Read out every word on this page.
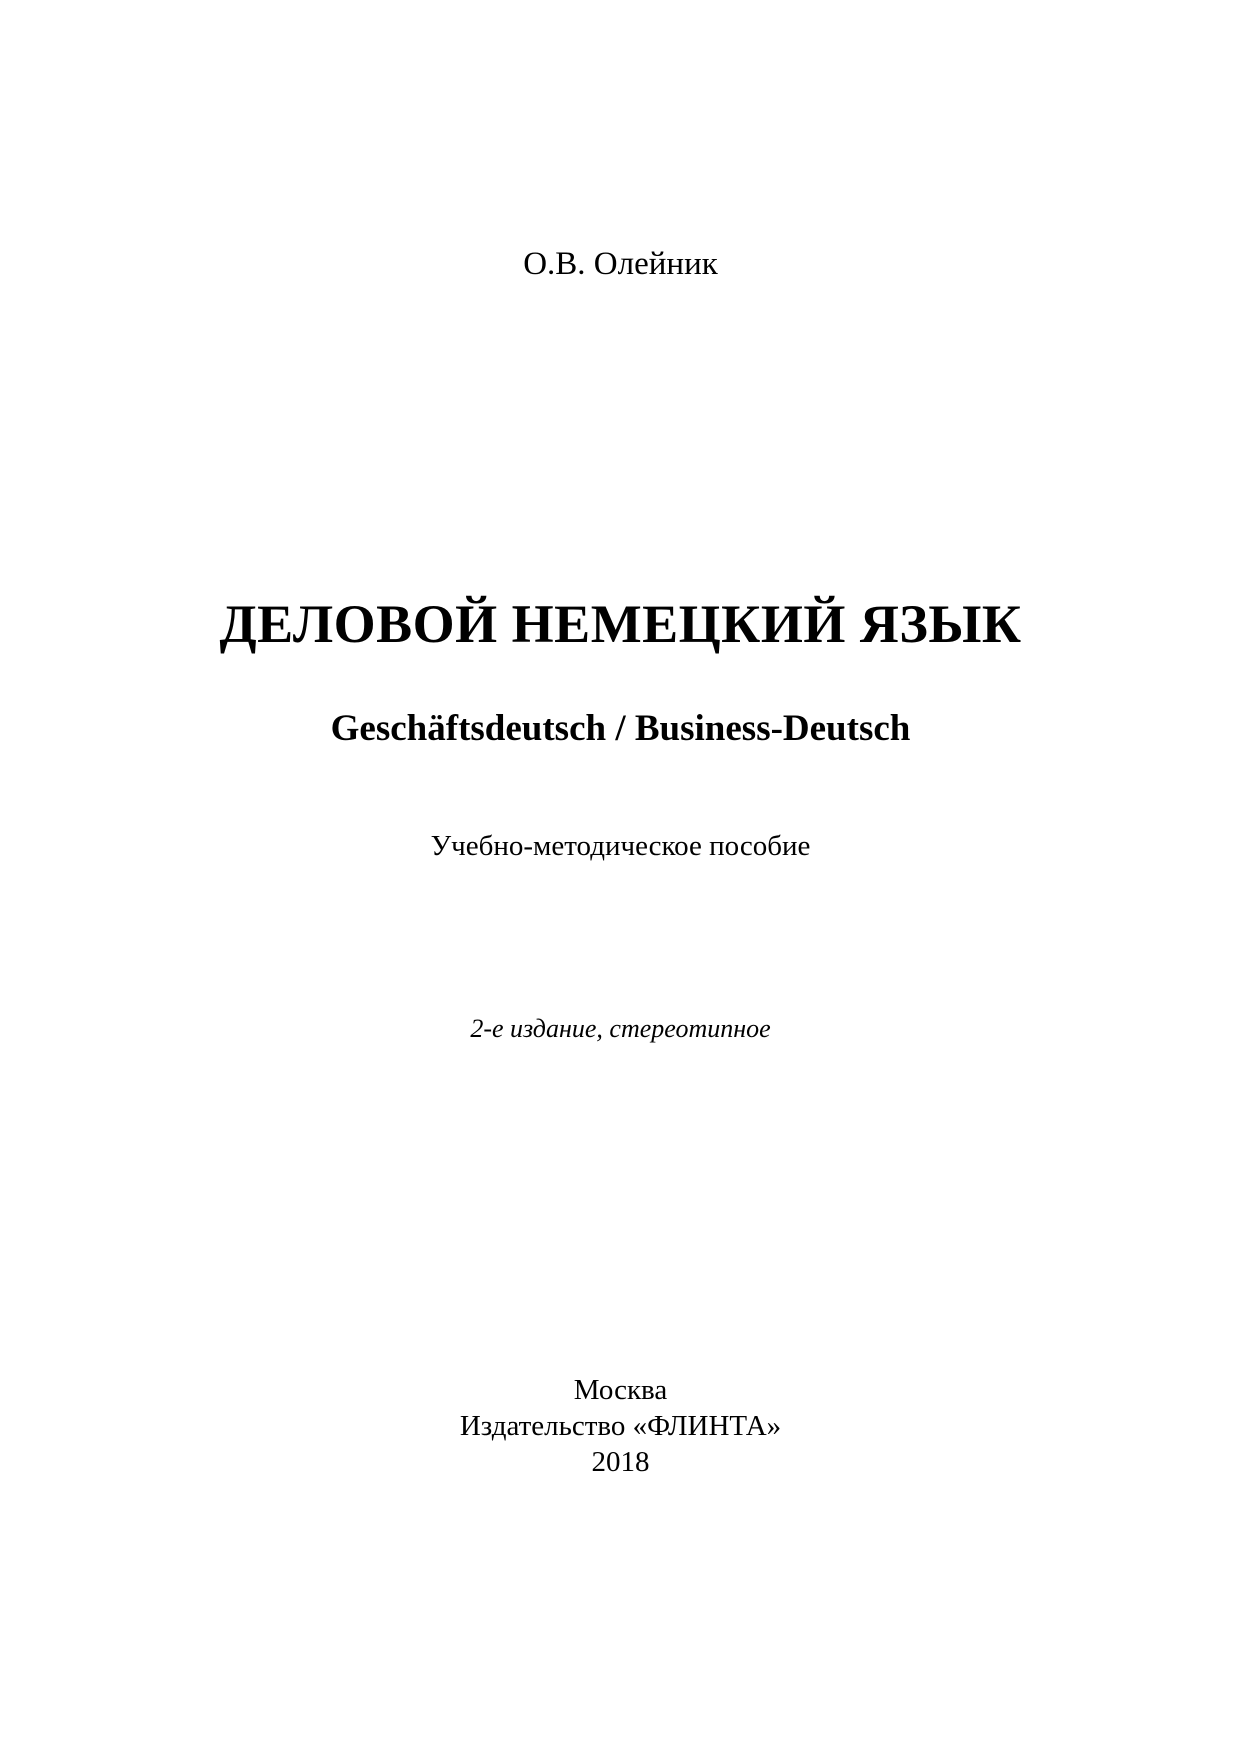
О.В. Олейник
ДЕЛОВОЙ НЕМЕЦКИЙ ЯЗЫК
Geschäftsdeutsch / Business-Deutsch
Учебно-методическое пособие
2-е издание, стереотипное
Москва
Издательство «ФЛИНТА»
2018
